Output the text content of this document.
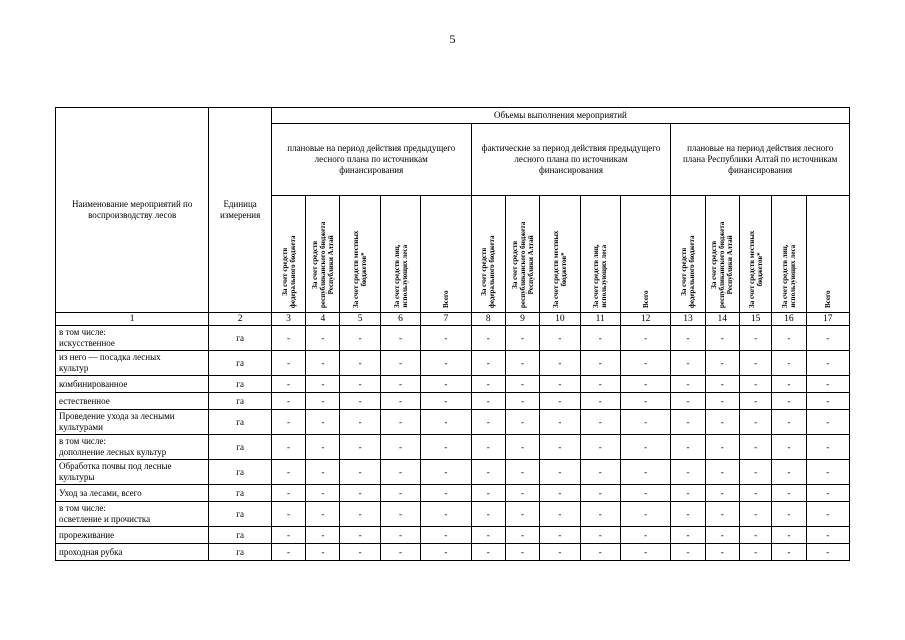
5
Наименование мероприятий по воспроизводству лесов	Единица измерения	Объемы выполнения мероприятий														
		плановые на период действия предыдущего лесного плана по источникам финансирования					фактические за период действия предыдущего лесного плана по источникам финансирования					плановые на период действия лесного плана Республики Алтай по источникам финансирования				

		За счет средств федерального бюджета	За счет средств республиканского бюджета Республики Алтай	За счет средств местных бюджетов*	За счет средств лиц, использующих леса	Всего	За счет средств федерального бюджета	За счет средств республиканского бюджета Республики Алтай	За счет средств местных бюджетов*	За счет средств лиц, использующих леса	Всего	За счет средств федерального бюджета	За счет средств республиканского бюджета Республики Алтай	За счет средств местных бюджетов*	За счет средств лиц, использующих леса	Всего

1	2	3	4	5	6	7	8	9	10	11	12	13	14	15	16	17

в том числе:
искусственное	га	-	-	-	-	-	-	-	-	-	-	-	-	-	-	-

из него — посадка лесных
культур	га	-	-	-	-	-	-	-	-	-	-	-	-	-	-	-

комбинированное	га	-	-	-	-	-	-	-	-	-	-	-	-	-	-	-

естественное	га	-	-	-	-	-	-	-	-	-	-	-	-	-	-	-

Проведение ухода за лесными
культурами	га	-	-	-	-	-	-	-	-	-	-	-	-	-	-	-

в том числе:
дополнение лесных культур	га	-	-	-	-	-	-	-	-	-	-	-	-	-	-	-

Обработка почвы под лесные
культуры	га	-	-	-	-	-	-	-	-	-	-	-	-	-	-	-

Уход за лесами, всего	га	-	-	-	-	-	-	-	-	-	-	-	-	-	-	-

в том числе:
осветление и прочистка	га	-	-	-	-	-	-	-	-	-	-	-	-	-	-	-

прореживание	га	-	-	-	-	-	-	-	-	-	-	-	-	-	-	-

проходная рубка	га	-	-	-	-	-	-	-	-	-	-	-	-	-	-	-
